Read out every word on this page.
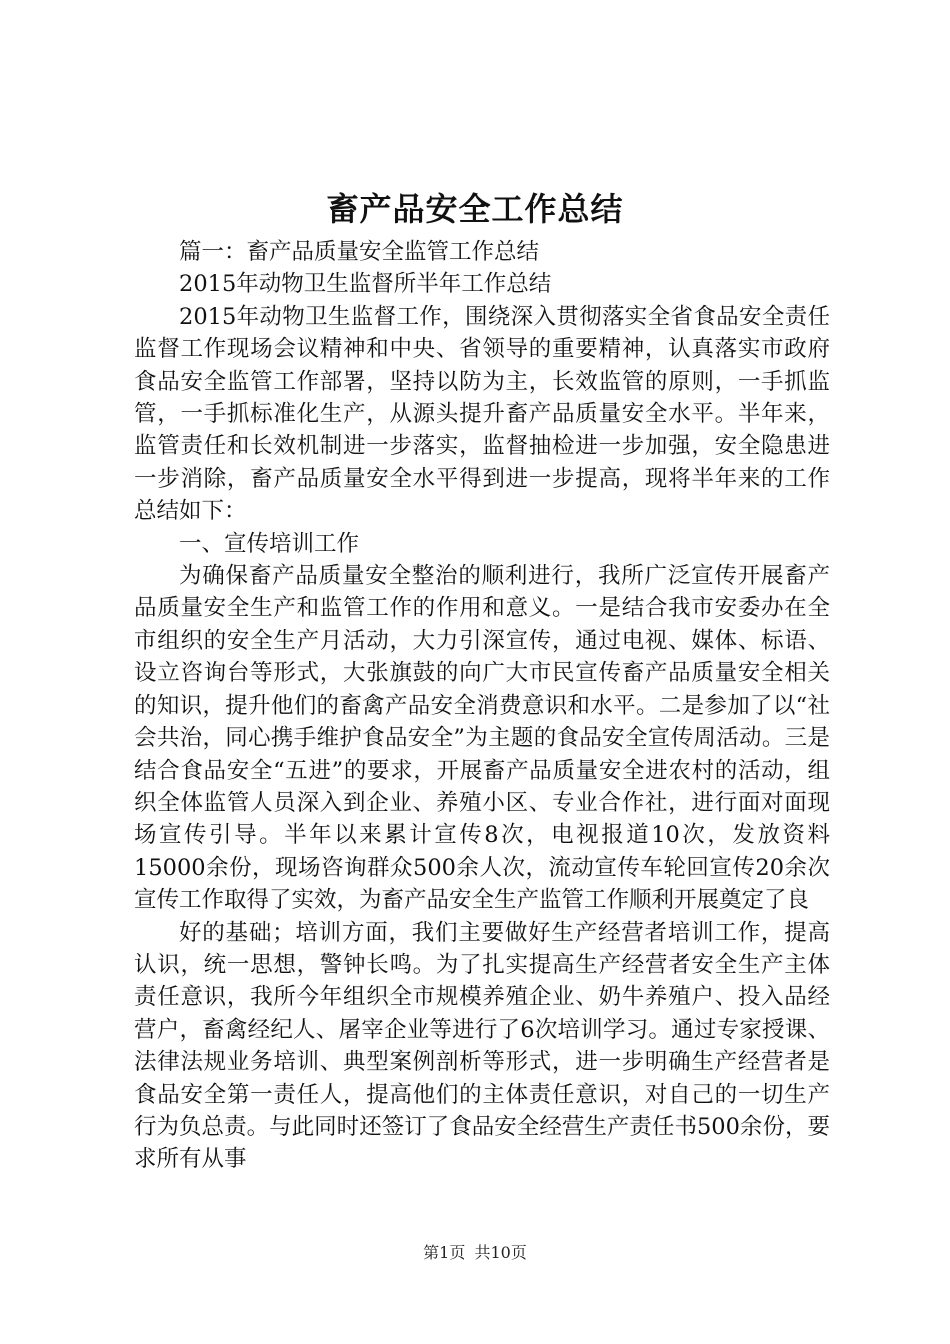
畜产品安全工作总结

篇一：畜产品质量安全监管工作总结

2015年动物卫生监督所半年工作总结

2015年动物卫生监督工作，围绕深入贯彻落实全省食品安全责任监督工作现场会议精神和中央、省领导的重要精神，认真落实市政府食品安全监管工作部署，坚持以防为主，长效监管的原则，一手抓监管，一手抓标准化生产，从源头提升畜产品质量安全水平。半年来，监管责任和长效机制进一步落实，监督抽检进一步加强，安全隐患进一步消除，畜产品质量安全水平得到进一步提高，现将半年来的工作总结如下：

一、宣传培训工作

为确保畜产品质量安全整治的顺利进行，我所广泛宣传开展畜产品质量安全生产和监管工作的作用和意义。一是结合我市安委办在全市组织的安全生产月活动，大力引深宣传，通过电视、媒体、标语、设立咨询台等形式，大张旗鼓的向广大市民宣传畜产品质量安全相关的知识，提升他们的畜禽产品安全消费意识和水平。二是参加了以“社会共治，同心携手维护食品安全”为主题的食品安全宣传周活动。三是结合食品安全“五进”的要求，开展畜产品质量安全进农村的活动，组织全体监管人员深入到企业、养殖小区、专业合作社，进行面对面现场宣传引导。半年以来累计宣传8次，电视报道10次，发放资料15000余份，现场咨询群众500余人次，流动宣传车轮回宣传20余次宣传工作取得了实效，为畜产品安全生产监管工作顺利开展奠定了良

好的基础；培训方面，我们主要做好生产经营者培训工作，提高认识，统一思想，警钟长鸣。为了扎实提高生产经营者安全生产主体责任意识，我所今年组织全市规模养殖企业、奶牛养殖户、投入品经营户，畜禽经纪人、屠宰企业等进行了6次培训学习。通过专家授课、法律法规业务培训、典型案例剖析等形式，进一步明确生产经营者是食品安全第一责任人，提高他们的主体责任意识，对自己的一切生产行为负总责。与此同时还签订了食品安全经营生产责任书500余份，要求所有从事

第1页 共10页
